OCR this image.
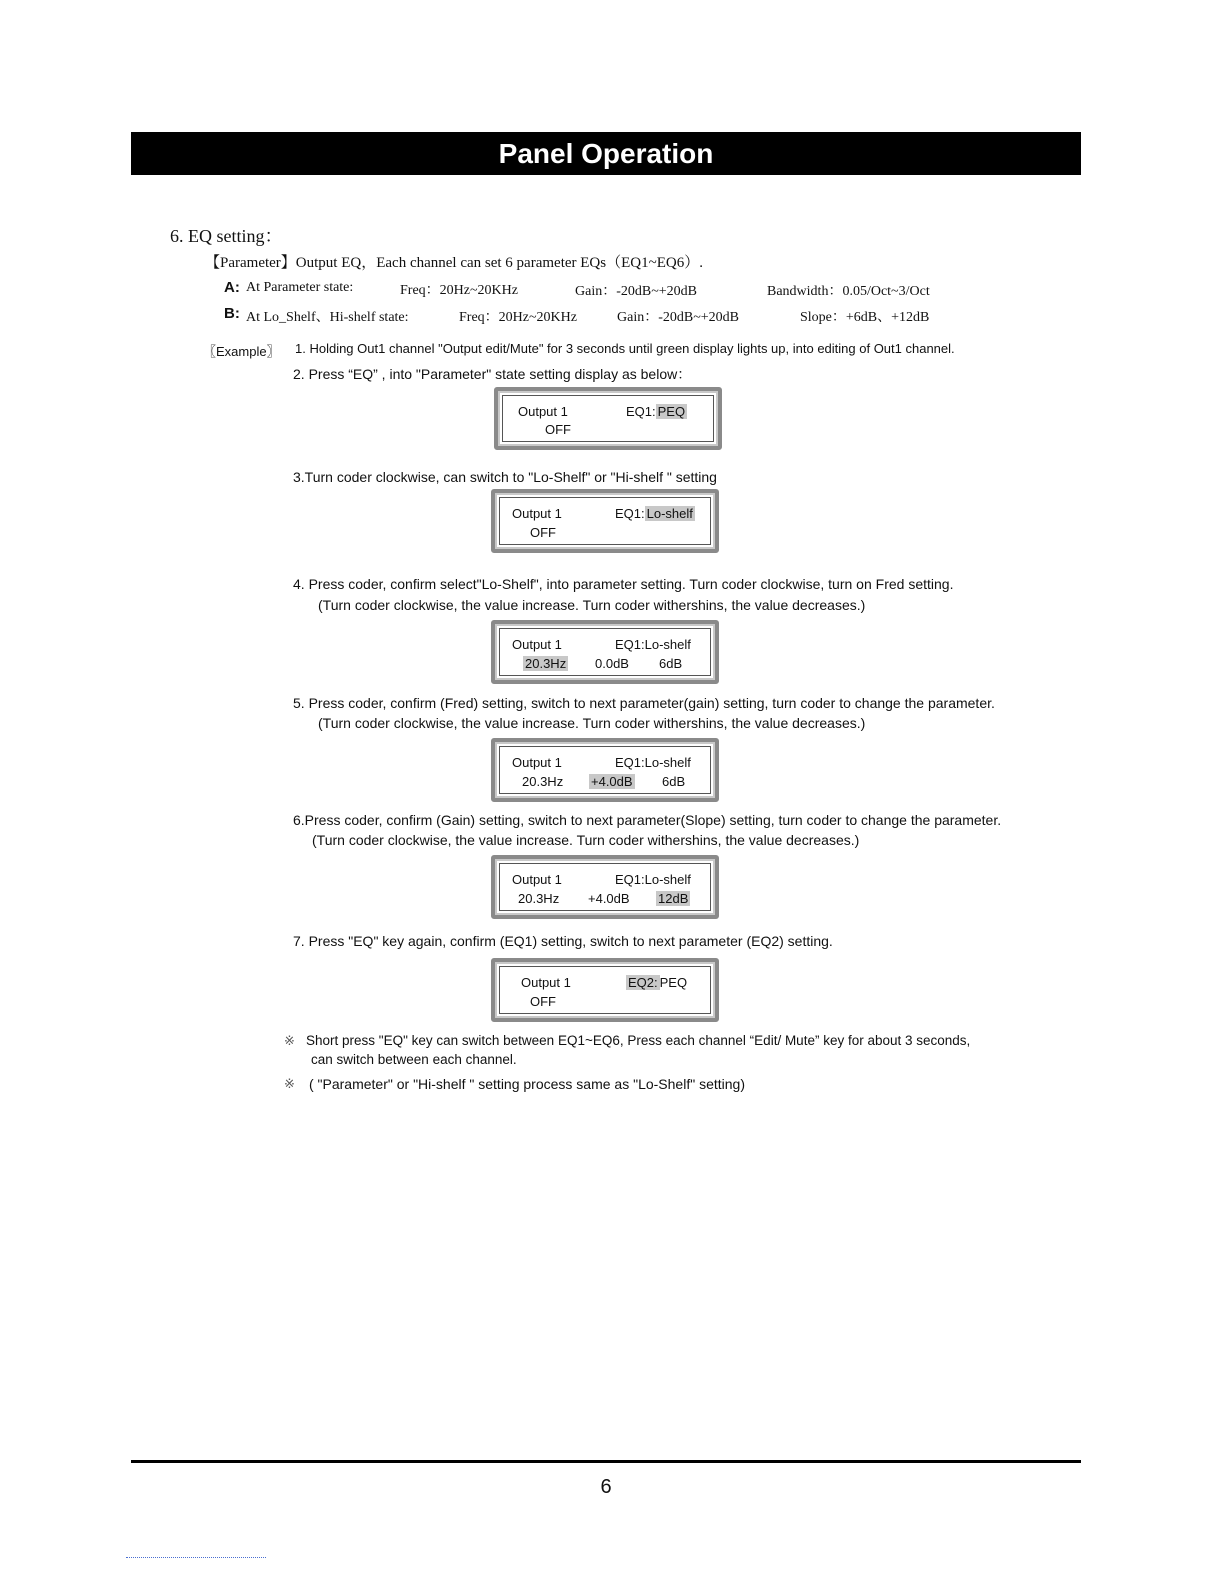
Panel Operation
6. EQ setting：
【Parameter】Output EQ，Each channel can set 6 parameter EQs（EQ1~EQ6）.
A: At Parameter state:	Freq：20Hz~20KHz	Gain：-20dB~+20dB	Bandwidth：0.05/Oct~3/Oct
B: At Lo_Shelf、Hi-shelf state:	Freq：20Hz~20KHz	Gain：-20dB~+20dB	Slope：+6dB、+12dB
〖Example〗 1. Holding Out1 channel "Output edit/Mute" for 3 seconds until green display lights up, into editing of Out1 channel.
2. Press “EQ” , into "Parameter" state setting display as below：
Output 1	EQ1: PEQ
OFF
3.Turn coder clockwise, can switch to "Lo-Shelf" or "Hi-shelf " setting
Output 1	EQ1: Lo-shelf
OFF
4. Press coder, confirm select"Lo-Shelf", into parameter setting. Turn coder clockwise, turn on Fred setting.
(Turn coder clockwise, the value increase. Turn coder withershins, the value decreases.)
Output 1	EQ1:Lo-shelf
20.3Hz 0.0dB 6dB
5. Press coder, confirm (Fred) setting, switch to next parameter(gain) setting, turn coder to change the parameter.
(Turn coder clockwise, the value increase. Turn coder withershins, the value decreases.)
Output 1	EQ1:Lo-shelf
20.3Hz +4.0dB 6dB
6.Press coder, confirm (Gain) setting, switch to next parameter(Slope) setting, turn coder to change the parameter.
(Turn coder clockwise, the value increase. Turn coder withershins, the value decreases.)
Output 1	EQ1:Lo-shelf
20.3Hz +4.0dB 12dB
7. Press "EQ" key again, confirm (EQ1) setting, switch to next parameter (EQ2) setting.
Output 1	EQ2: PEQ
OFF
※ Short press "EQ" key can switch between EQ1~EQ6, Press each channel “Edit/ Mute” key for about 3 seconds,
can switch between each channel.
※ ( "Parameter" or "Hi-shelf " setting process same as "Lo-Shelf" setting)
6
